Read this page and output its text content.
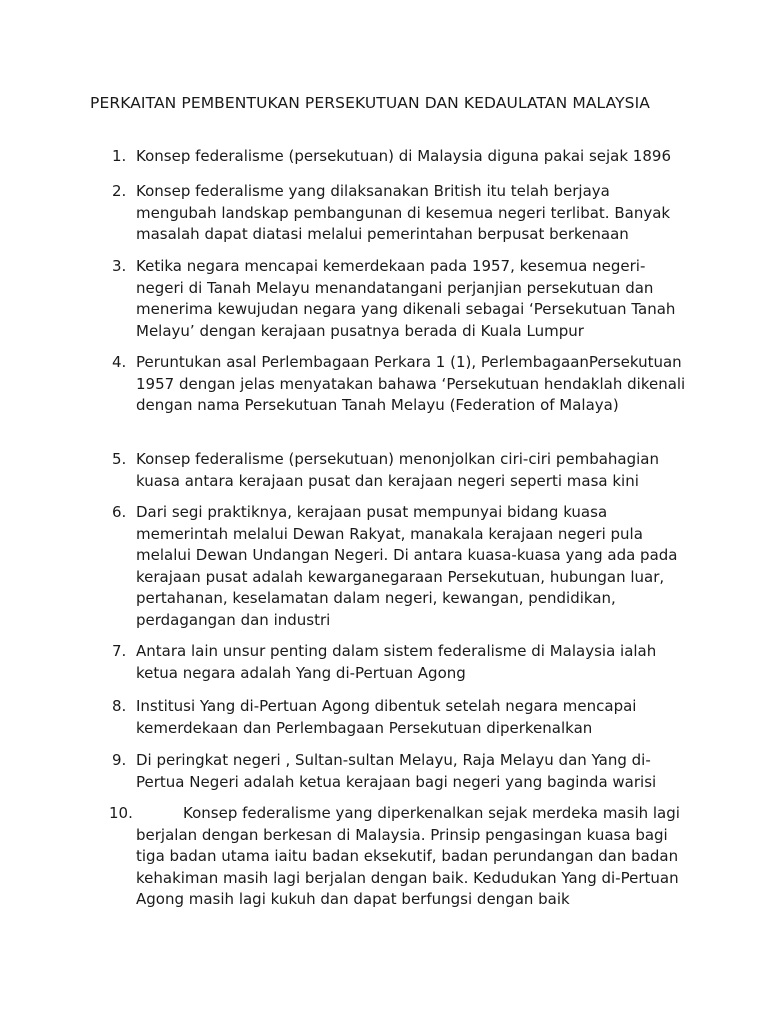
PERKAITAN PEMBENTUKAN PERSEKUTUAN DAN KEDAULATAN MALAYSIA
1. Konsep federalisme (persekutuan) di Malaysia diguna pakai sejak 1896
2. Konsep federalisme yang dilaksanakan British itu telah berjaya mengubah landskap pembangunan di kesemua negeri terlibat. Banyak masalah dapat diatasi melalui pemerintahan berpusat berkenaan
3. Ketika negara mencapai kemerdekaan pada 1957, kesemua negeri-negeri di Tanah Melayu menandatangani perjanjian persekutuan dan menerima kewujudan negara yang dikenali sebagai ‘Persekutuan Tanah Melayu’ dengan kerajaan pusatnya berada di Kuala Lumpur
4. Peruntukan asal Perlembagaan Perkara 1 (1), PerlembagaanPersekutuan 1957 dengan jelas menyatakan bahawa ‘Persekutuan hendaklah dikenali dengan nama Persekutuan Tanah Melayu (Federation of Malaya)
5. Konsep federalisme (persekutuan) menonjolkan ciri-ciri pembahagian kuasa antara kerajaan pusat dan kerajaan negeri seperti masa kini
6. Dari segi praktiknya, kerajaan pusat mempunyai bidang kuasa memerintah melalui Dewan Rakyat, manakala kerajaan negeri pula melalui Dewan Undangan Negeri. Di antara kuasa-kuasa yang ada pada kerajaan pusat adalah kewarganegaraan Persekutuan, hubungan luar, pertahanan, keselamatan dalam negeri, kewangan, pendidikan, perdagangan dan industri
7. Antara lain unsur penting dalam sistem federalisme di Malaysia ialah ketua negara adalah Yang di-Pertuan Agong
8. Institusi Yang di-Pertuan Agong dibentuk setelah negara mencapai kemerdekaan dan Perlembagaan Persekutuan diperkenalkan
9. Di peringkat negeri , Sultan-sultan Melayu, Raja Melayu dan Yang di-Pertua Negeri adalah ketua kerajaan bagi negeri yang baginda warisi
10.	Konsep federalisme yang diperkenalkan sejak merdeka masih lagi berjalan dengan berkesan di Malaysia. Prinsip pengasingan kuasa bagi tiga badan utama iaitu badan eksekutif, badan perundangan dan badan kehakiman masih lagi berjalan dengan baik. Kedudukan Yang di-Pertuan Agong masih lagi kukuh dan dapat berfungsi dengan baik
